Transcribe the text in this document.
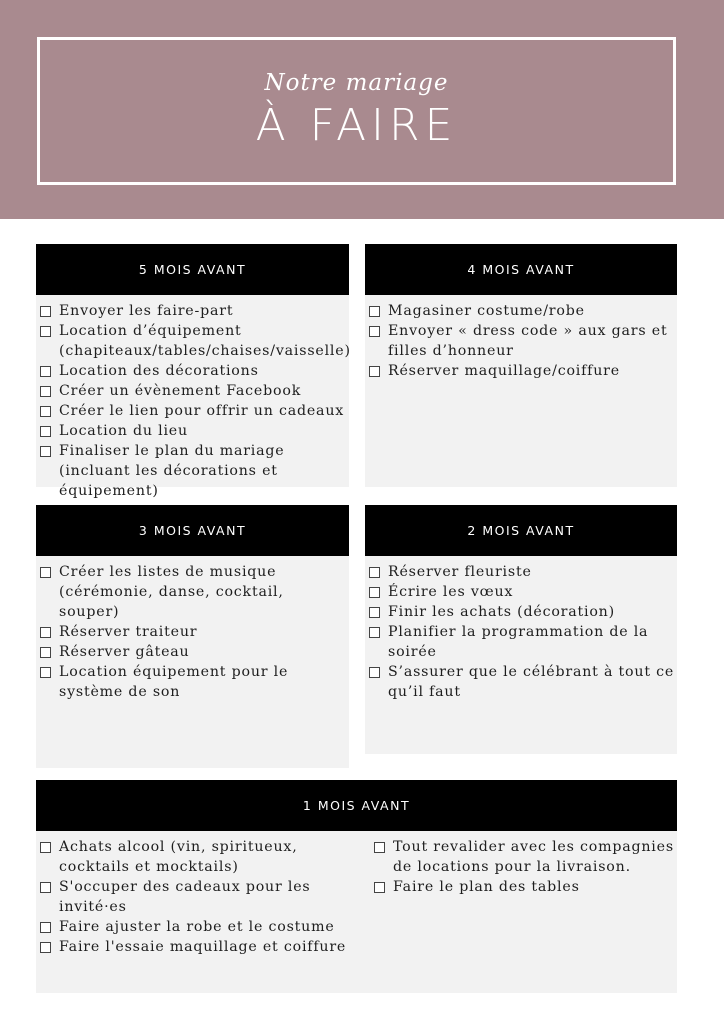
Notre mariage
À FAIRE
5 MOIS AVANT
Envoyer les faire-part
Location d’équipement (chapiteaux/tables/chaises/vaisselle)
Location des décorations
Créer un évènement Facebook
Créer le lien pour offrir un cadeaux
Location du lieu
Finaliser le plan du mariage (incluant les décorations et équipement)
4 MOIS AVANT
Magasiner costume/robe
Envoyer « dress code » aux gars et filles d’honneur
Réserver maquillage/coiffure
3 MOIS AVANT
Créer les listes de musique (cérémonie, danse, cocktail, souper)
Réserver traiteur
Réserver gâteau
Location équipement pour le système de son
2 MOIS AVANT
Réserver fleuriste
Écrire les vœux
Finir les achats (décoration)
Planifier la programmation de la soirée
S’assurer que le célébrant à tout ce qu’il faut
1 MOIS AVANT
Achats alcool (vin, spiritueux, cocktails et mocktails)
S'occuper des cadeaux pour les invité·es
Faire ajuster la robe et le costume
Faire l'essaie maquillage et coiffure
Tout revalider avec les compagnies de locations pour la livraison.
Faire le plan des tables
